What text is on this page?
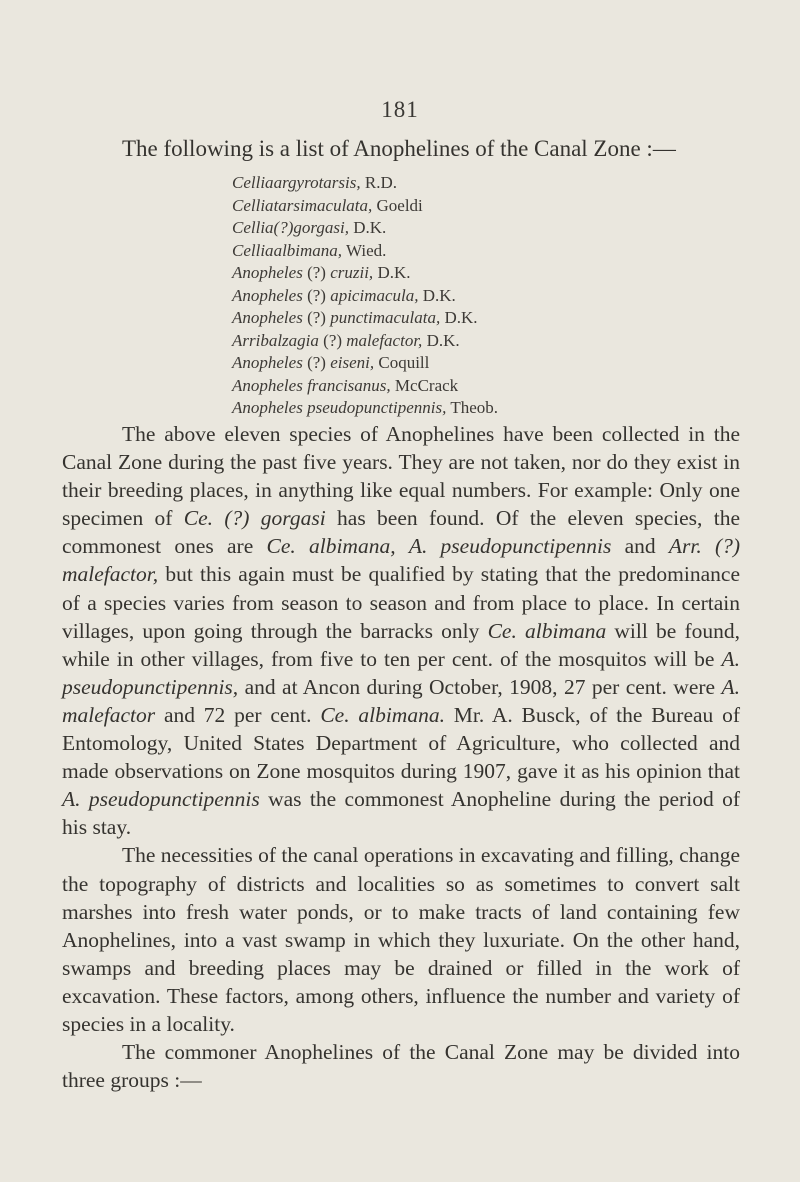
181
The following is a list of Anophelines of the Canal Zone :—
Celliaargyrotarsis, R.D.
Celliatarsimaculata, Goeldi
Cellia(?)gorgasi, D.K.
Celliaalbimana, Wied.
Anopheles (?) cruzii, D.K.
Anopheles (?) apicimacula, D.K.
Anopheles (?) punctimaculata, D.K.
Arribalzagia (?) malefactor, D.K.
Anopheles (?) eiseni, Coquill
Anopheles francisanus, McCrack
Anopheles pseudopunctipennis, Theob.

The above eleven species of Anophelines have been collected in the Canal Zone during the past five years. They are not taken, nor do they exist in their breeding places, in anything like equal numbers. For example: Only one specimen of Ce. (?) gorgasi has been found. Of the eleven species, the commonest ones are Ce. albimana, A. pseudopunctipennis and Arr. (?) malefactor, but this again must be qualified by stating that the predominance of a species varies from season to season and from place to place. In certain villages, upon going through the barracks only Ce. albimana will be found, while in other villages, from five to ten per cent. of the mosquitos will be A. pseudopunctipennis, and at Ancon during October, 1908, 27 per cent. were A. malefactor and 72 per cent. Ce. albimana. Mr. A. Busck, of the Bureau of Entomology, United States Department of Agriculture, who collected and made observations on Zone mosquitos during 1907, gave it as his opinion that A. pseudopunctipennis was the commonest Anopheline during the period of his stay.

The necessities of the canal operations in excavating and filling, change the topography of districts and localities so as sometimes to convert salt marshes into fresh water ponds, or to make tracts of land containing few Anophelines, into a vast swamp in which they luxuriate. On the other hand, swamps and breeding places may be drained or filled in the work of excavation. These factors, among others, influence the number and variety of species in a locality.

The commoner Anophelines of the Canal Zone may be divided into three groups :—
